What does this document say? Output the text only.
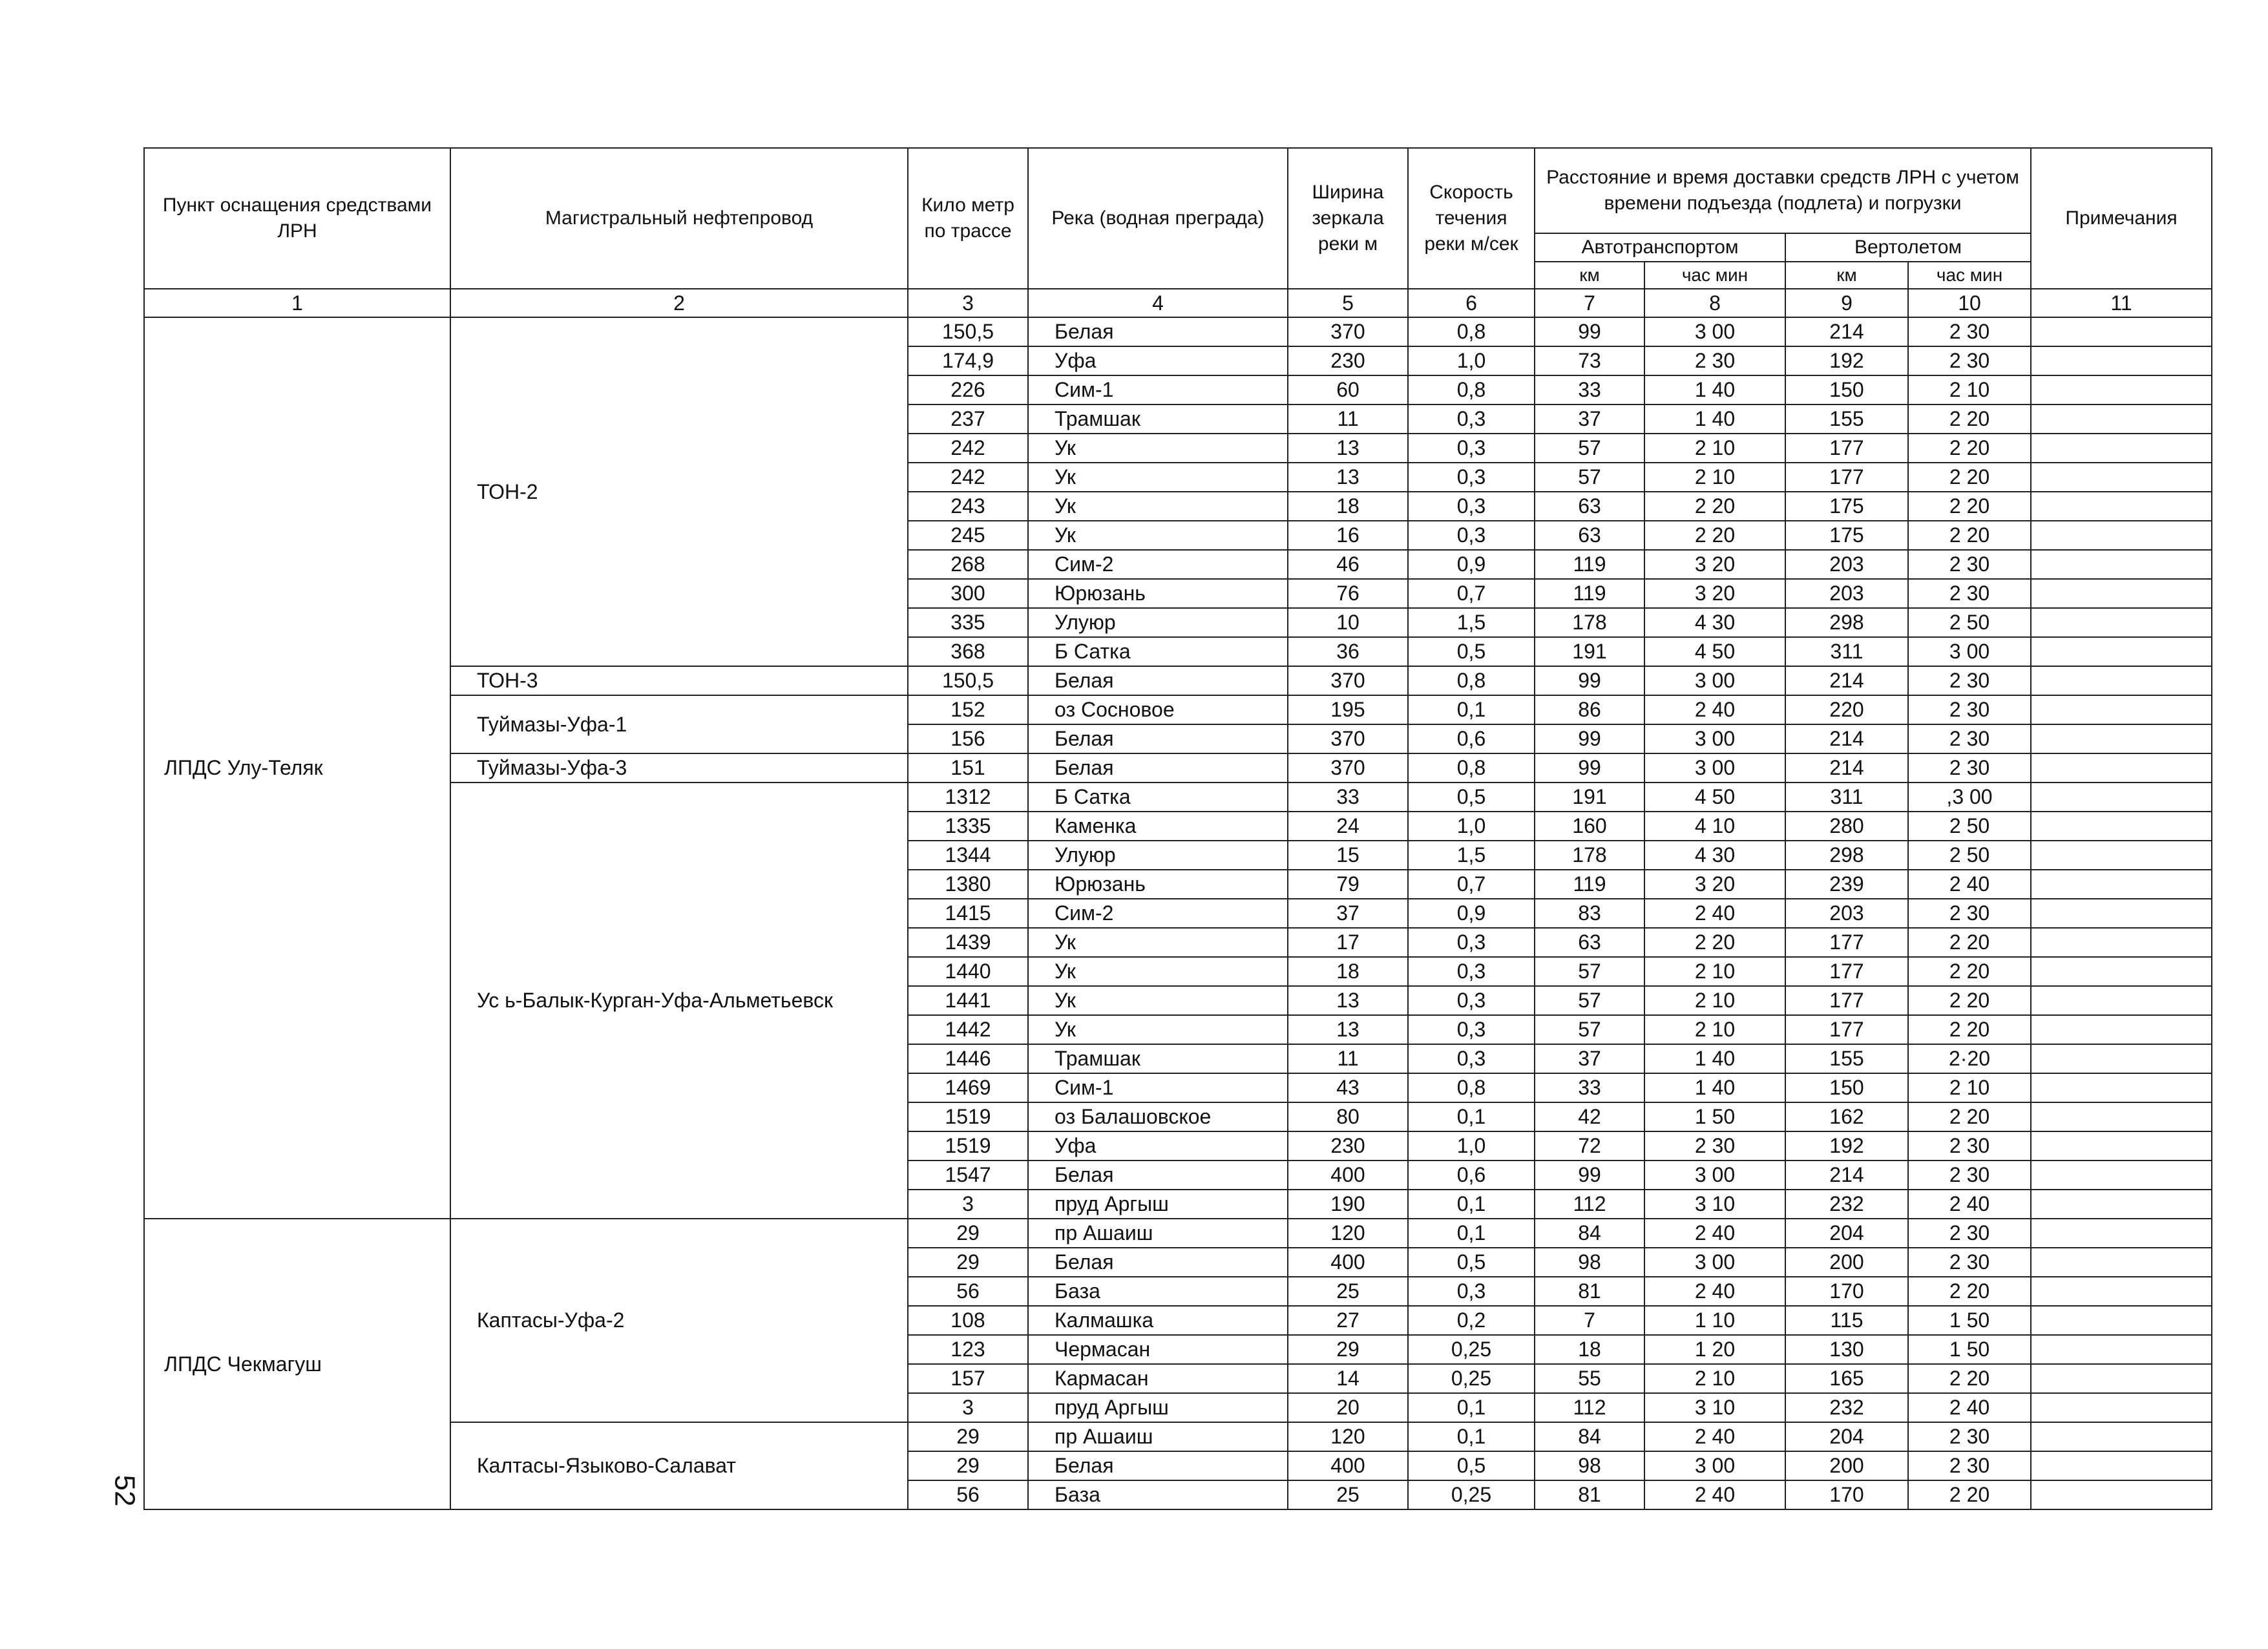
Пункт оснащения средствами ЛРН	Магистральный нефтепровод	Кило метр по трассе	Река (водная преграда)	Ширина зеркала реки м	Скорость течения реки м/сек	Расстояние и время доставки средств ЛРН с учетом времени подъезда (подлета) и погрузки				Примечания
						Автотранспортом		Вертолетом		
						км	час мин	км	час мин	
1	2	3	4	5	6	7	8	9	10	11
ЛПДС Улу-Теляк	ТОН-2	150,5	Белая	370	0,8	99	3 00	214	2 30	
		174,9	Уфа	230	1,0	73	2 30	192	2 30	
		226	Сим-1	60	0,8	33	1 40	150	2 10	
		237	Трамшак	11	0,3	37	1 40	155	2 20	
		242	Ук	13	0,3	57	2 10	177	2 20	
		242	Ук	13	0,3	57	2 10	177	2 20	
		243	Ук	18	0,3	63	2 20	175	2 20	
		245	Ук	16	0,3	63	2 20	175	2 20	
		268	Сим-2	46	0,9	119	3 20	203	2 30	
		300	Юрюзань	76	0,7	119	3 20	203	2 30	
		335	Улуюр	10	1,5	178	4 30	298	2 50	
		368	Б Сатка	36	0,5	191	4 50	311	3 00	
	ТОН-3	150,5	Белая	370	0,8	99	3 00	214	2 30	
	Туймазы-Уфа-1	152	оз Сосновое	195	0,1	86	2 40	220	2 30	
		156	Белая	370	0,6	99	3 00	214	2 30	
	Туймазы-Уфа-3	151	Белая	370	0,8	99	3 00	214	2 30	
	Ус ь-Балык-Курган-Уфа-Альметьевск	1312	Б Сатка	33	0,5	191	4 50	311	,3 00	
		1335	Каменка	24	1,0	160	4 10	280	2 50	
		1344	Улуюр	15	1,5	178	4 30	298	2 50	
		1380	Юрюзань	79	0,7	119	3 20	239	2 40	
		1415	Сим-2	37	0,9	83	2 40	203	2 30	
		1439	Ук	17	0,3	63	2 20	177	2 20	
		1440	Ук	18	0,3	57	2 10	177	2 20	
		1441	Ук	13	0,3	57	2 10	177	2 20	
		1442	Ук	13	0,3	57	2 10	177	2 20	
		1446	Трамшак	11	0,3	37	1 40	155	2·20	
		1469	Сим-1	43	0,8	33	1 40	150	2 10	
		1519	оз Балашовское	80	0,1	42	1 50	162	2 20	
		1519	Уфа	230	1,0	72	2 30	192	2 30	
		1547	Белая	400	0,6	99	3 00	214	2 30	
		3	пруд Аргыш	190	0,1	112	3 10	232	2 40	
ЛПДС Чекмагуш	Каптасы-Уфа-2	29	пр Ашаиш	120	0,1	84	2 40	204	2 30	
		29	Белая	400	0,5	98	3 00	200	2 30	
		56	База	25	0,3	81	2 40	170	2 20	
		108	Калмашка	27	0,2	7	1 10	115	1 50	
		123	Чермасан	29	0,25	18	1 20	130	1 50	
		157	Кармасан	14	0,25	55	2 10	165	2 20	
		3	пруд Аргыш	20	0,1	112	3 10	232	2 40	
	Калтасы-Языково-Салават	29	пр Ашаиш	120	0,1	84	2 40	204	2 30	
		29	Белая	400	0,5	98	3 00	200	2 30	
		56	База	25	0,25	81	2 40	170	2 20	
52
